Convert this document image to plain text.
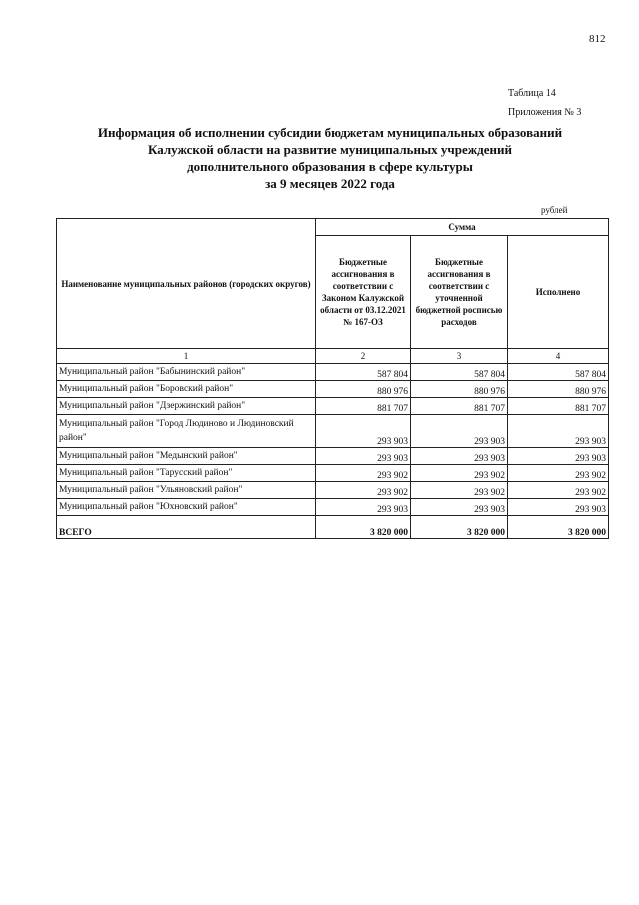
812
Таблица 14
Приложения № 3
Информация об исполнении субсидии бюджетам муниципальных образований
Калужской области на развитие муниципальных учреждений
дополнительного образования в сфере культуры
за 9 месяцев 2022 года
рублей
Наименование муниципальных районов (городских округов)	Сумма		
	Бюджетные ассигнования в соответствии с Законом Калужской области от 03.12.2021 № 167-ОЗ	Бюджетные ассигнования в соответствии с уточненной бюджетной росписью расходов	Исполнено
1	2	3	4
Муниципальный район "Бабынинский район"	587 804	587 804	587 804
Муниципальный район "Боровский район"	880 976	880 976	880 976
Муниципальный район "Дзержинский район"	881 707	881 707	881 707
Муниципальный район "Город Людиново и Людиновский район"	293 903	293 903	293 903
Муниципальный район "Медынский район"	293 903	293 903	293 903
Муниципальный район "Тарусский район"	293 902	293 902	293 902
Муниципальный район "Ульяновский район"	293 902	293 902	293 902
Муниципальный район "Юхновский район"	293 903	293 903	293 903
ВСЕГО	3 820 000	3 820 000	3 820 000
